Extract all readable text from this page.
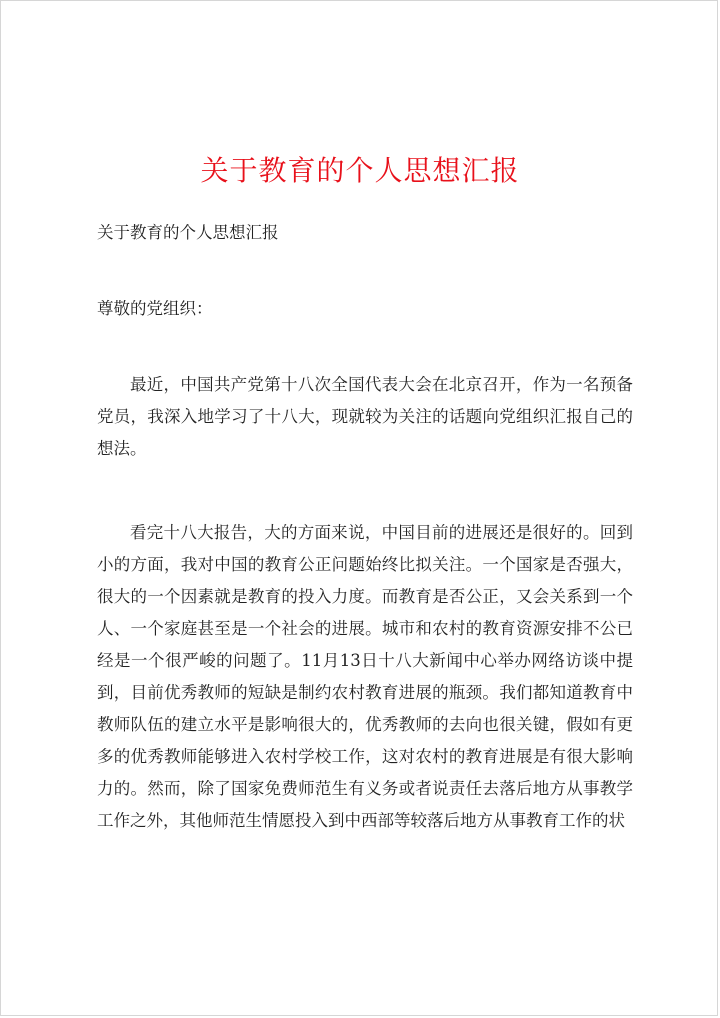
关于教育的个人思想汇报
关于教育的个人思想汇报
尊敬的党组织：
最近，中国共产党第十八次全国代表大会在北京召开，作为一名预备党员，我深入地学习了十八大，现就较为关注的话题向党组织汇报自己的想法。
看完十八大报告，大的方面来说，中国目前的进展还是很好的。回到小的方面，我对中国的教育公正问题始终比拟关注。一个国家是否强大，很大的一个因素就是教育的投入力度。而教育是否公正，又会关系到一个人、一个家庭甚至是一个社会的进展。城市和农村的教育资源安排不公已经是一个很严峻的问题了。11月13日十八大新闻中心举办网络访谈中提到，目前优秀教师的短缺是制约农村教育进展的瓶颈。我们都知道教育中教师队伍的建立水平是影响很大的，优秀教师的去向也很关键，假如有更多的优秀教师能够进入农村学校工作，这对农村的教育进展是有很大影响力的。然而，除了国家免费师范生有义务或者说责任去落后地方从事教学工作之外，其他师范生情愿投入到中西部等较落后地方从事教育工作的状
